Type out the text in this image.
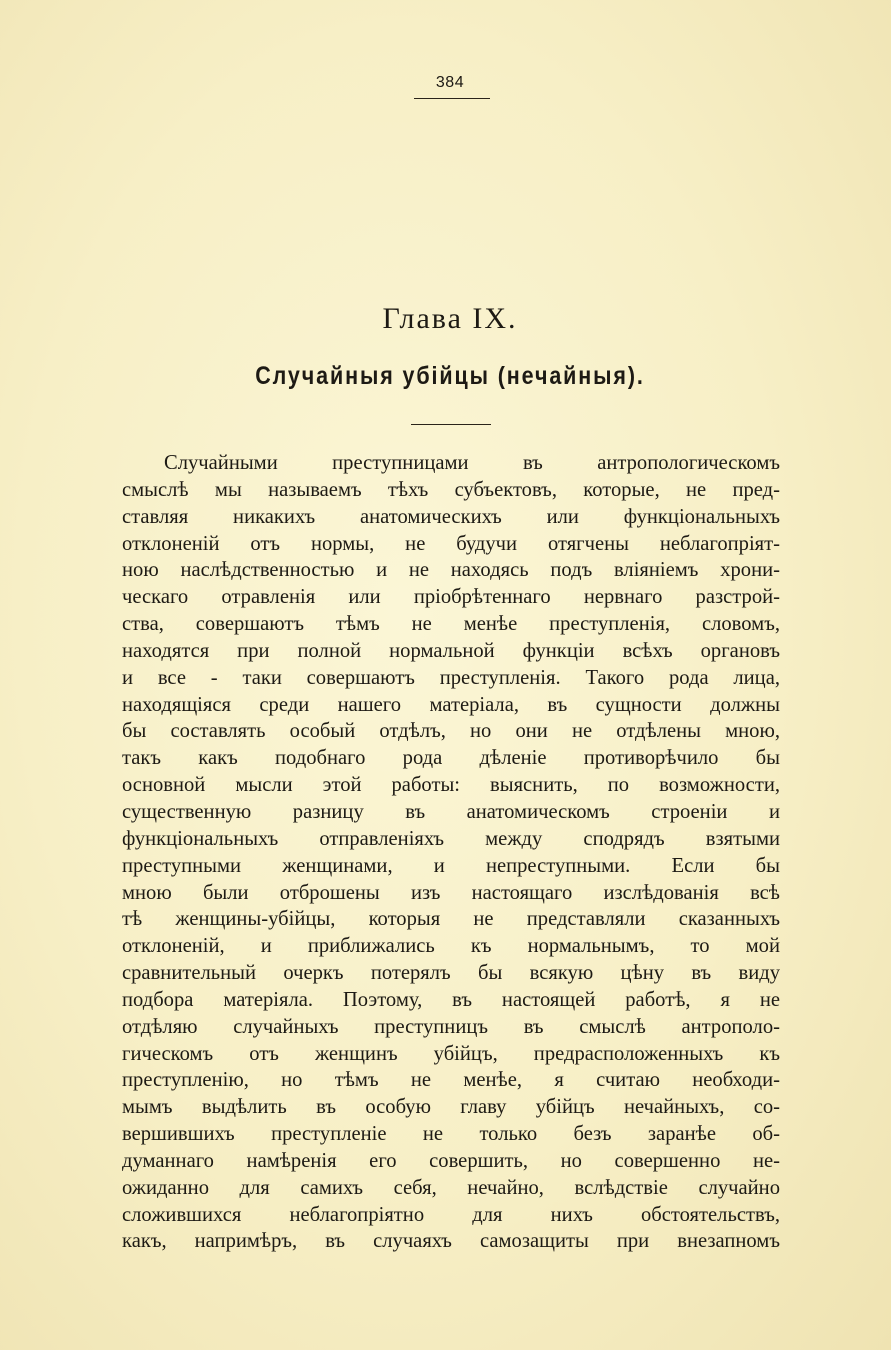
384
Глава IX.
Случайныя убійцы (нечайныя).

Случайными преступницами въ антропологическомъ
смыслѣ мы называемъ тѣхъ субъектовъ, которые, не пред-
ставляя никакихъ анатомическихъ или функціональныхъ
отклоненій отъ нормы, не будучи отягчены неблагопріят-
ною наслѣдственностью и не находясь подъ вліяніемъ хрони-
ческаго отравленія или пріобрѣтеннаго нервнаго разстрой-
ства, совершаютъ тѣмъ не менѣе преступленія, словомъ,
находятся при полной нормальной функціи всѣхъ органовъ
и все - таки совершаютъ преступленія. Такого рода лица,
находящіяся среди нашего матеріала, въ сущности должны
бы составлять особый отдѣлъ, но они не отдѣлены мною,
такъ какъ подобнаго рода дѣленіе противорѣчило бы
основной мысли этой работы: выяснить, по возможности,
существенную разницу въ анатомическомъ строеніи и
функціональныхъ отправленіяхъ между сподрядъ взятыми
преступными женщинами, и непреступными. Если бы
мною были отброшены изъ настоящаго изслѣдованія всѣ
тѣ женщины-убійцы, которыя не представляли сказанныхъ
отклоненій, и приближались къ нормальнымъ, то мой
сравнительный очеркъ потерялъ бы всякую цѣну въ виду
подбора матеріяла. Поэтому, въ настоящей работѣ, я не
отдѣляю случайныхъ преступницъ въ смыслѣ антрополо-
гическомъ отъ женщинъ убійцъ, предрасположенныхъ къ
преступленію, но тѣмъ не менѣе, я считаю необходи-
мымъ выдѣлить въ особую главу убійцъ нечайныхъ, со-
вершившихъ преступленіе не только безъ заранѣе об-
думаннаго намѣренія его совершить, но совершенно не-
ожиданно для самихъ себя, нечайно, вслѣдствіе случайно
сложившихся неблагопріятно для нихъ обстоятельствъ,
какъ, напримѣръ, въ случаяхъ самозащиты при внезапномъ
